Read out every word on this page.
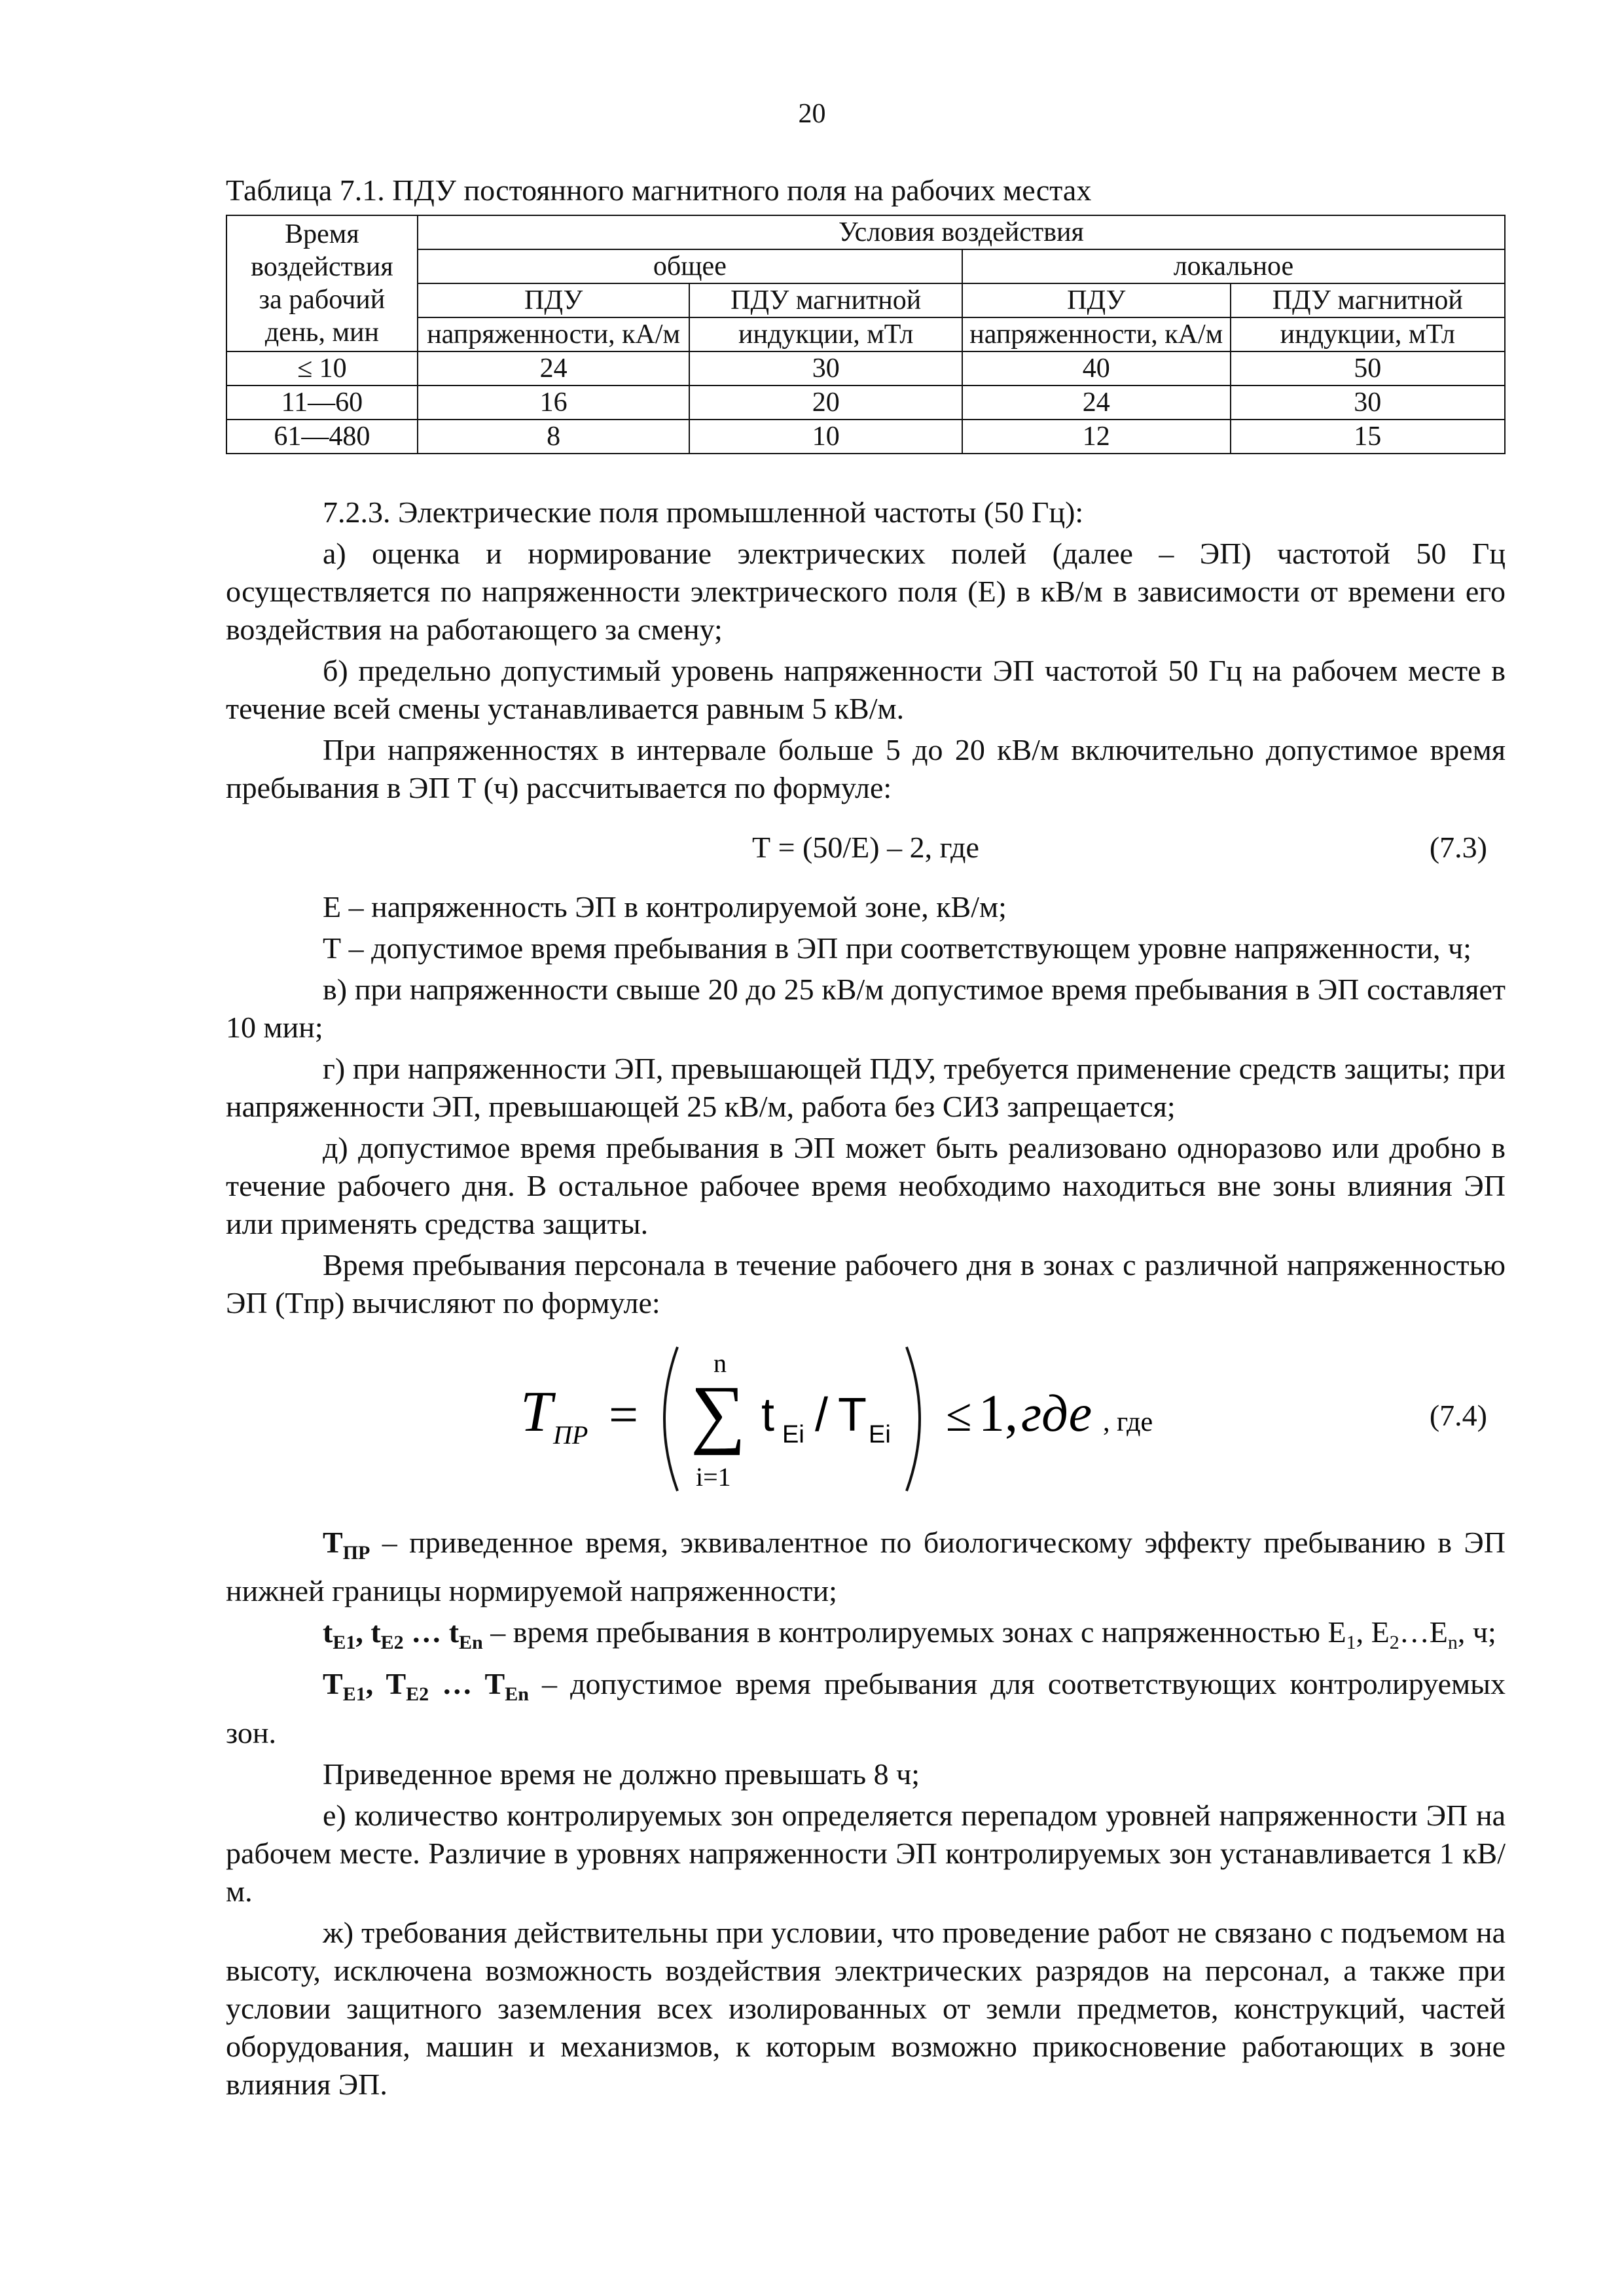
20
Таблица 7.1. ПДУ постоянного магнитного поля на рабочих местах
Время
воздействия
за рабочий
день, мин	Условия воздействия			
	общее		локальное	
	ПДУ	ПДУ магнитной	ПДУ	ПДУ магнитной
	напряженности, кА/м	индукции, мТл	напряженности, кА/м	индукции, мТл
≤ 10	24	30	40	50
11—60	16	20	24	30
61—480	8	10	12	15

7.2.3. Электрические поля промышленной частоты (50 Гц):

а) оценка и нормирование электрических полей (далее – ЭП) частотой 50 Гц осуществляется по напряженности электрического поля (Е) в кВ/м в зависимости от времени его воздействия на работающего за смену;

б) предельно допустимый уровень напряженности ЭП частотой 50 Гц на рабочем месте в течение всей смены устанавливается равным 5 кВ/м.

При напряженностях в интервале больше 5 до 20 кВ/м включительно допустимое время пребывания в ЭП Т (ч) рассчитывается по формуле:

Т = (50/Е) – 2, где	(7.3)

Е – напряженность ЭП в контролируемой зоне, кВ/м;

Т – допустимое время пребывания в ЭП при соответствующем уровне напряженности, ч;

в) при напряженности свыше 20 до 25 кВ/м допустимое время пребывания в ЭП составляет 10 мин;

г) при напряженности ЭП, превышающей ПДУ, требуется применение средств защиты; при напряженности ЭП, превышающей 25 кВ/м, работа без СИЗ запрещается;

д) допустимое время пребывания в ЭП может быть реализовано одноразово или дробно в течение рабочего дня. В остальное рабочее время необходимо находиться вне зоны влияния ЭП или применять средства защиты.

Время пребывания персонала в течение рабочего дня в зонах с различной напряженностью ЭП (Tпр) вычисляют по формуле:

T ПР =
n
∑
i=1
t Ei / T Ei ≤ 1, где , где	(7.4)

$T_{ПР}$ – приведенное время, эквивалентное по биологическому эффекту пребыванию в ЭП нижней границы нормируемой напряженности;

$t_{E1}$, $t_{E2}$ … $t_{En}$ – время пребывания в контролируемых зонах с напряженностью $E_1$, $E_2\dots E_n$, ч;

$T_{E1}$, $T_{E2}$ … $T_{En}$ – допустимое время пребывания для соответствующих контролируемых зон.

Приведенное время не должно превышать 8 ч;

е) количество контролируемых зон определяется перепадом уровней напряженности ЭП на рабочем месте. Различие в уровнях напряженности ЭП контролируемых зон устанавливается 1 кВ/м.

ж) требования действительны при условии, что проведение работ не связано с подъемом на высоту, исключена возможность воздействия электрических разрядов на персонал, а также при условии защитного заземления всех изолированных от земли предметов, конструкций, частей оборудования, машин и механизмов, к которым возможно прикосновение работающих в зоне влияния ЭП.
